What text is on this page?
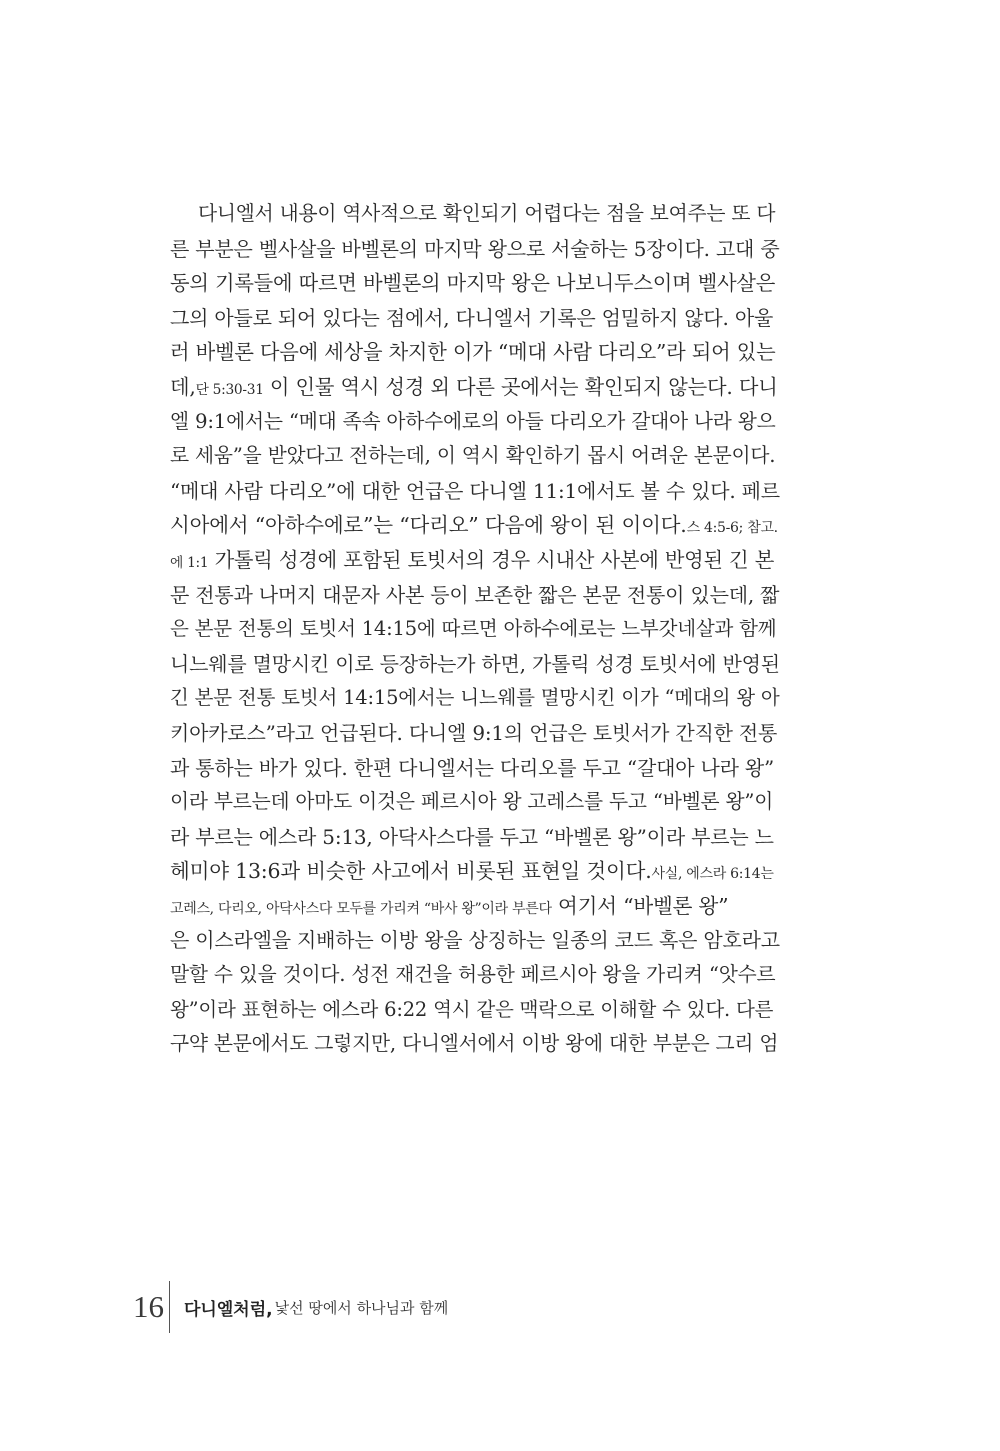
다니엘서 내용이 역사적으로 확인되기 어렵다는 점을 보여주는 또 다
른 부분은 벨사살을 바벨론의 마지막 왕으로 서술하는 5장이다. 고대 중
동의 기록들에 따르면 바벨론의 마지막 왕은 나보니두스이며 벨사살은
그의 아들로 되어 있다는 점에서, 다니엘서 기록은 엄밀하지 않다. 아울
러 바벨론 다음에 세상을 차지한 이가 “메대 사람 다리오”라 되어 있는
데,단 5:30-31 이 인물 역시 성경 외 다른 곳에서는 확인되지 않는다. 다니
엘 9:1에서는 “메대 족속 아하수에로의 아들 다리오가 갈대아 나라 왕으
로 세움”을 받았다고 전하는데, 이 역시 확인하기 몹시 어려운 본문이다.
“메대 사람 다리오”에 대한 언급은 다니엘 11:1에서도 볼 수 있다. 페르
시아에서 “아하수에로”는 “다리오” 다음에 왕이 된 이이다.스 4:5-6; 참고.
에 1:1 가톨릭 성경에 포함된 토빗서의 경우 시내산 사본에 반영된 긴 본
문 전통과 나머지 대문자 사본 등이 보존한 짧은 본문 전통이 있는데, 짧
은 본문 전통의 토빗서 14:15에 따르면 아하수에로는 느부갓네살과 함께
니느웨를 멸망시킨 이로 등장하는가 하면, 가톨릭 성경 토빗서에 반영된
긴 본문 전통 토빗서 14:15에서는 니느웨를 멸망시킨 이가 “메대의 왕 아
키아카로스”라고 언급된다. 다니엘 9:1의 언급은 토빗서가 간직한 전통
과 통하는 바가 있다. 한편 다니엘서는 다리오를 두고 “갈대아 나라 왕”
이라 부르는데 아마도 이것은 페르시아 왕 고레스를 두고 “바벨론 왕”이
라 부르는 에스라 5:13, 아닥사스다를 두고 “바벨론 왕”이라 부르는 느
헤미야 13:6과 비슷한 사고에서 비롯된 표현일 것이다.사실, 에스라 6:14는
고레스, 다리오, 아닥사스다 모두를 가리켜 “바사 왕”이라 부른다 여기서 “바벨론 왕”
은 이스라엘을 지배하는 이방 왕을 상징하는 일종의 코드 혹은 암호라고
말할 수 있을 것이다. 성전 재건을 허용한 페르시아 왕을 가리켜 “앗수르
왕”이라 표현하는 에스라 6:22 역시 같은 맥락으로 이해할 수 있다. 다른
구약 본문에서도 그렇지만, 다니엘서에서 이방 왕에 대한 부분은 그리 엄
16 다니엘처럼, 낯선 땅에서 하나님과 함께
